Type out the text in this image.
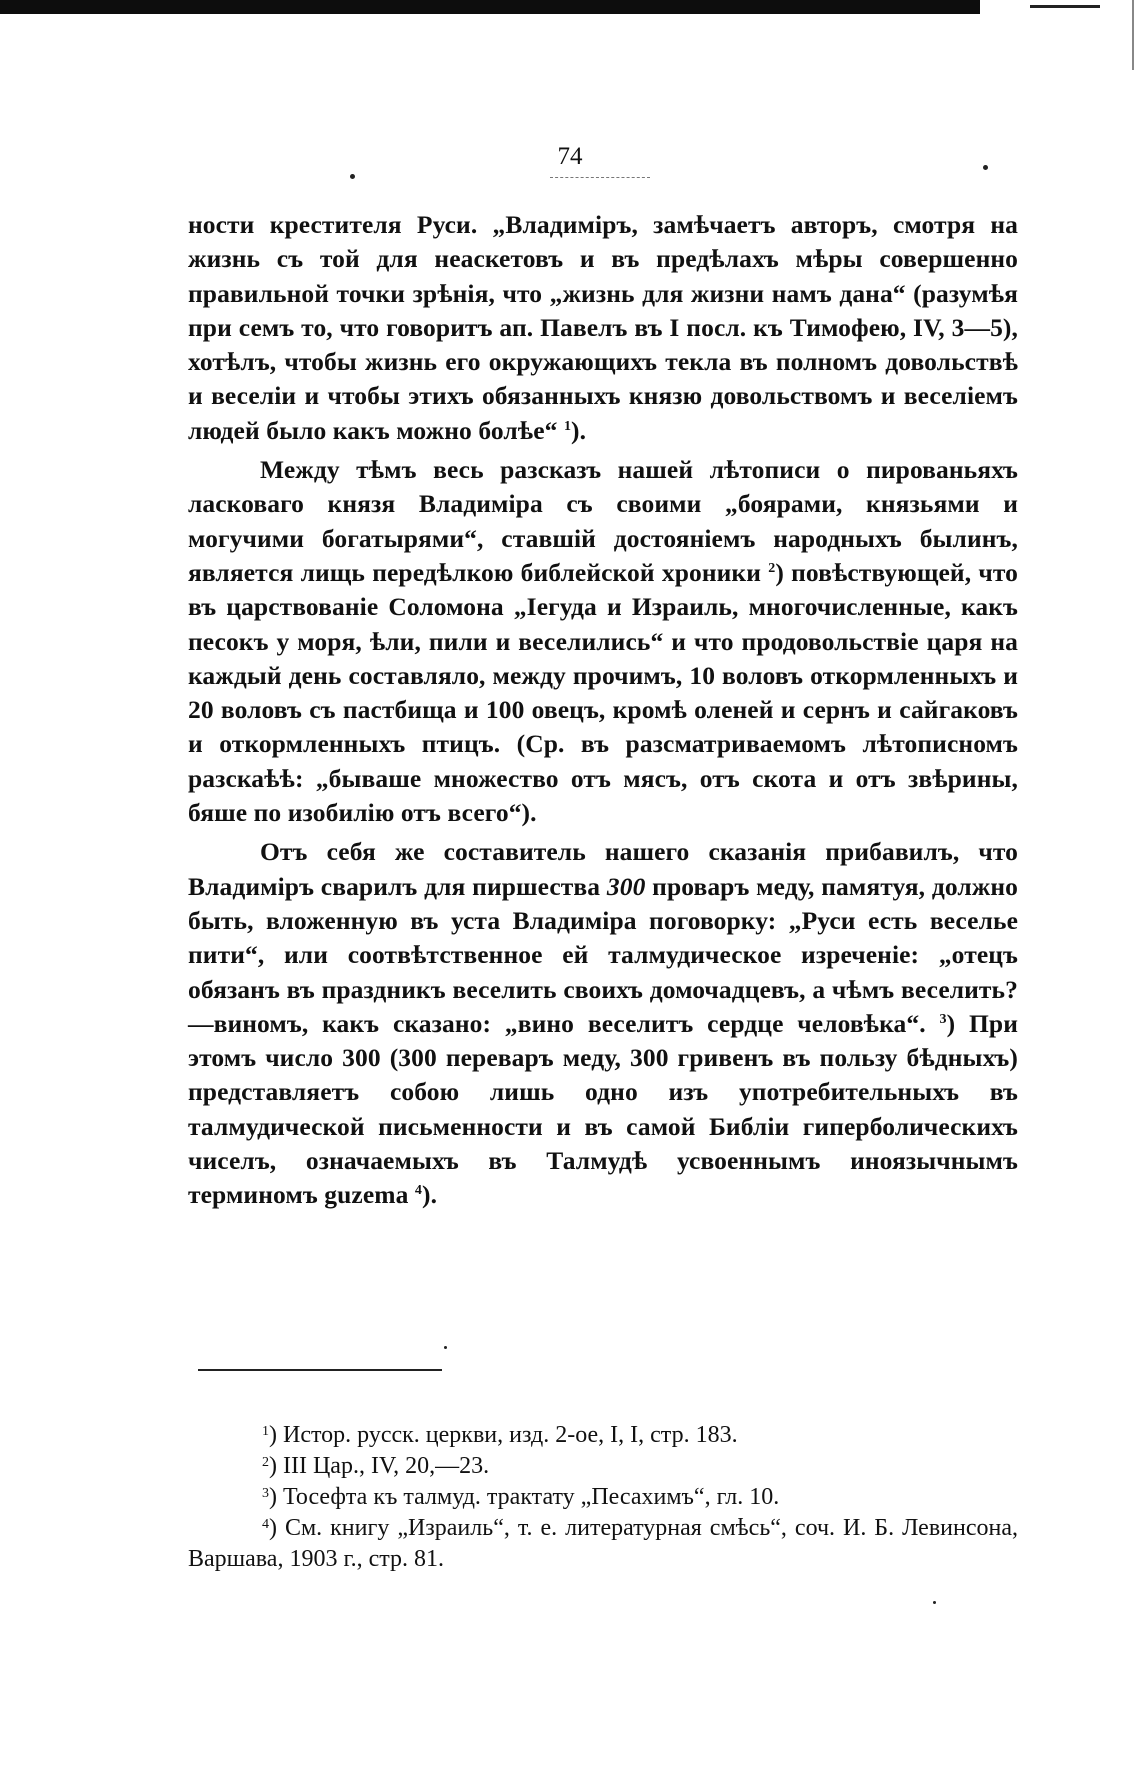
74

ности крестителя Руси. „Владимiръ, замѣчаетъ авторъ, смотря на жизнь съ той для неаскетовъ и въ предѣлахъ мѣры совершенно правильной точки зрѣнiя, что „жизнь для жизни намъ дана“ (разумѣя при семъ то, что говоритъ ап. Павелъ въ I посл. къ Тимофею, IV, 3—5), хотѣлъ, чтобы жизнь его окружающихъ текла въ полномъ довольствѣ и веселiи и чтобы этихъ обязанныхъ князю довольствомъ и веселiемъ людей было какъ можно болѣе“ $^1$).

Между тѣмъ весь разсказъ нашей лѣтописи о пированьяхъ ласковаго князя Владимiра съ своими „боярами, князьями и могучими богатырями“, ставшiй достоянiемъ народныхъ былинъ, является лищь передѣлкою библейской хроники $^2$) повѣствующей, что въ царствованiе Соломона „Iегуда и Израиль, многочисленные, какъ песокъ у моря, ѣли, пили и веселились“ и что продовольствiе царя на каждый день составляло, между прочимъ, 10 воловъ откормленныхъ и 20 воловъ съ пастбища и 100 овецъ, кромѣ оленей и сернъ и сайгаковъ и откормленныхъ птицъ. (Ср. въ разсматриваемомъ лѣтописномъ разскаѣѣ: „бываше множество отъ мясъ, отъ скота и отъ звѣрины, бяше по изобилiю отъ всего“).

Отъ себя же составитель нашего сказанiя прибавилъ, что Владимiръ сварилъ для пиршества 300 проваръ меду, памятуя, должно быть, вложенную въ уста Владимiра поговорку: „Руси есть веселье пити“, или соотвѣтственное ей талмудическое изреченiе: „отецъ обязанъ въ праздникъ веселить своихъ домочадцевъ, а чѣмъ веселить?—виномъ, какъ сказано: „вино веселитъ сердце человѣка“. $^3$) При этомъ число 300 (300 переваръ меду, 300 гривенъ въ пользу бѣдныхъ) представляетъ собою лишь одно изъ употребительныхъ въ талмудической письменности и въ самой Библiи гиперболическихъ чиселъ, означаемыхъ въ Талмудѣ усвоеннымъ иноязычнымъ терминомъ guzema $^4$).

$^1$) Истор. русск. церкви, изд. 2-ое, I, I, стр. 183.

$^2$) III Цар., IV, 20,—23.

$^3$) Тосефта къ талмуд. трактату „Песахимъ“, гл. 10.

$^4$) См. книгу „Израиль“, т. е. литературная смѣсь“, соч. И. Б. Левинсона, Варшава, 1903 г., стр. 81.
